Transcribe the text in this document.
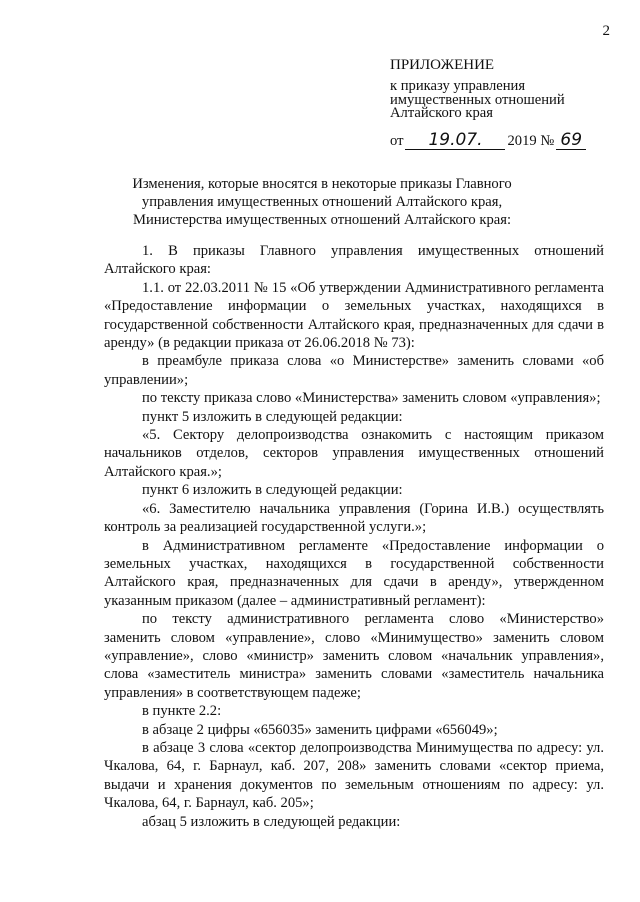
2
ПРИЛОЖЕНИЕ
к приказу управления
имущественных отношений
Алтайского края
от	19.07.	2019 № 69
Изменения, которые вносятся в некоторые приказы Главного управления имущественных отношений Алтайского края, Министерства имущественных отношений Алтайского края:

1. В приказы Главного управления имущественных отношений Алтайского края:

1.1. от 22.03.2011 № 15 «Об утверждении Административного регламента «Предоставление информации о земельных участках, находящихся в государственной собственности Алтайского края, предназначенных для сдачи в аренду» (в редакции приказа от 26.06.2018 № 73):

в преамбуле приказа слова «о Министерстве» заменить словами «об управлении»;

по тексту приказа слово «Министерства» заменить словом «управления»;

пункт 5 изложить в следующей редакции:

«5. Сектору делопроизводства ознакомить с настоящим приказом начальников отделов, секторов управления имущественных отношений Алтайского края.»;

пункт 6 изложить в следующей редакции:

«6. Заместителю начальника управления (Горина И.В.) осуществлять контроль за реализацией государственной услуги.»;

в Административном регламенте «Предоставление информации о земельных участках, находящихся в государственной собственности Алтайского края, предназначенных для сдачи в аренду», утвержденном указанным приказом (далее – административный регламент):

по тексту административного регламента слово «Министерство» заменить словом «управление», слово «Минимущество» заменить словом «управление», слово «министр» заменить словом «начальник управления», слова «заместитель министра» заменить словами «заместитель начальника управления» в соответствующем падеже;

в пункте 2.2:

в абзаце 2 цифры «656035» заменить цифрами «656049»;

в абзаце 3 слова «сектор делопроизводства Минимущества по адресу: ул. Чкалова, 64, г. Барнаул, каб. 207, 208» заменить словами «сектор приема, выдачи и хранения документов по земельным отношениям по адресу: ул. Чкалова, 64, г. Барнаул, каб. 205»;

абзац 5 изложить в следующей редакции:
